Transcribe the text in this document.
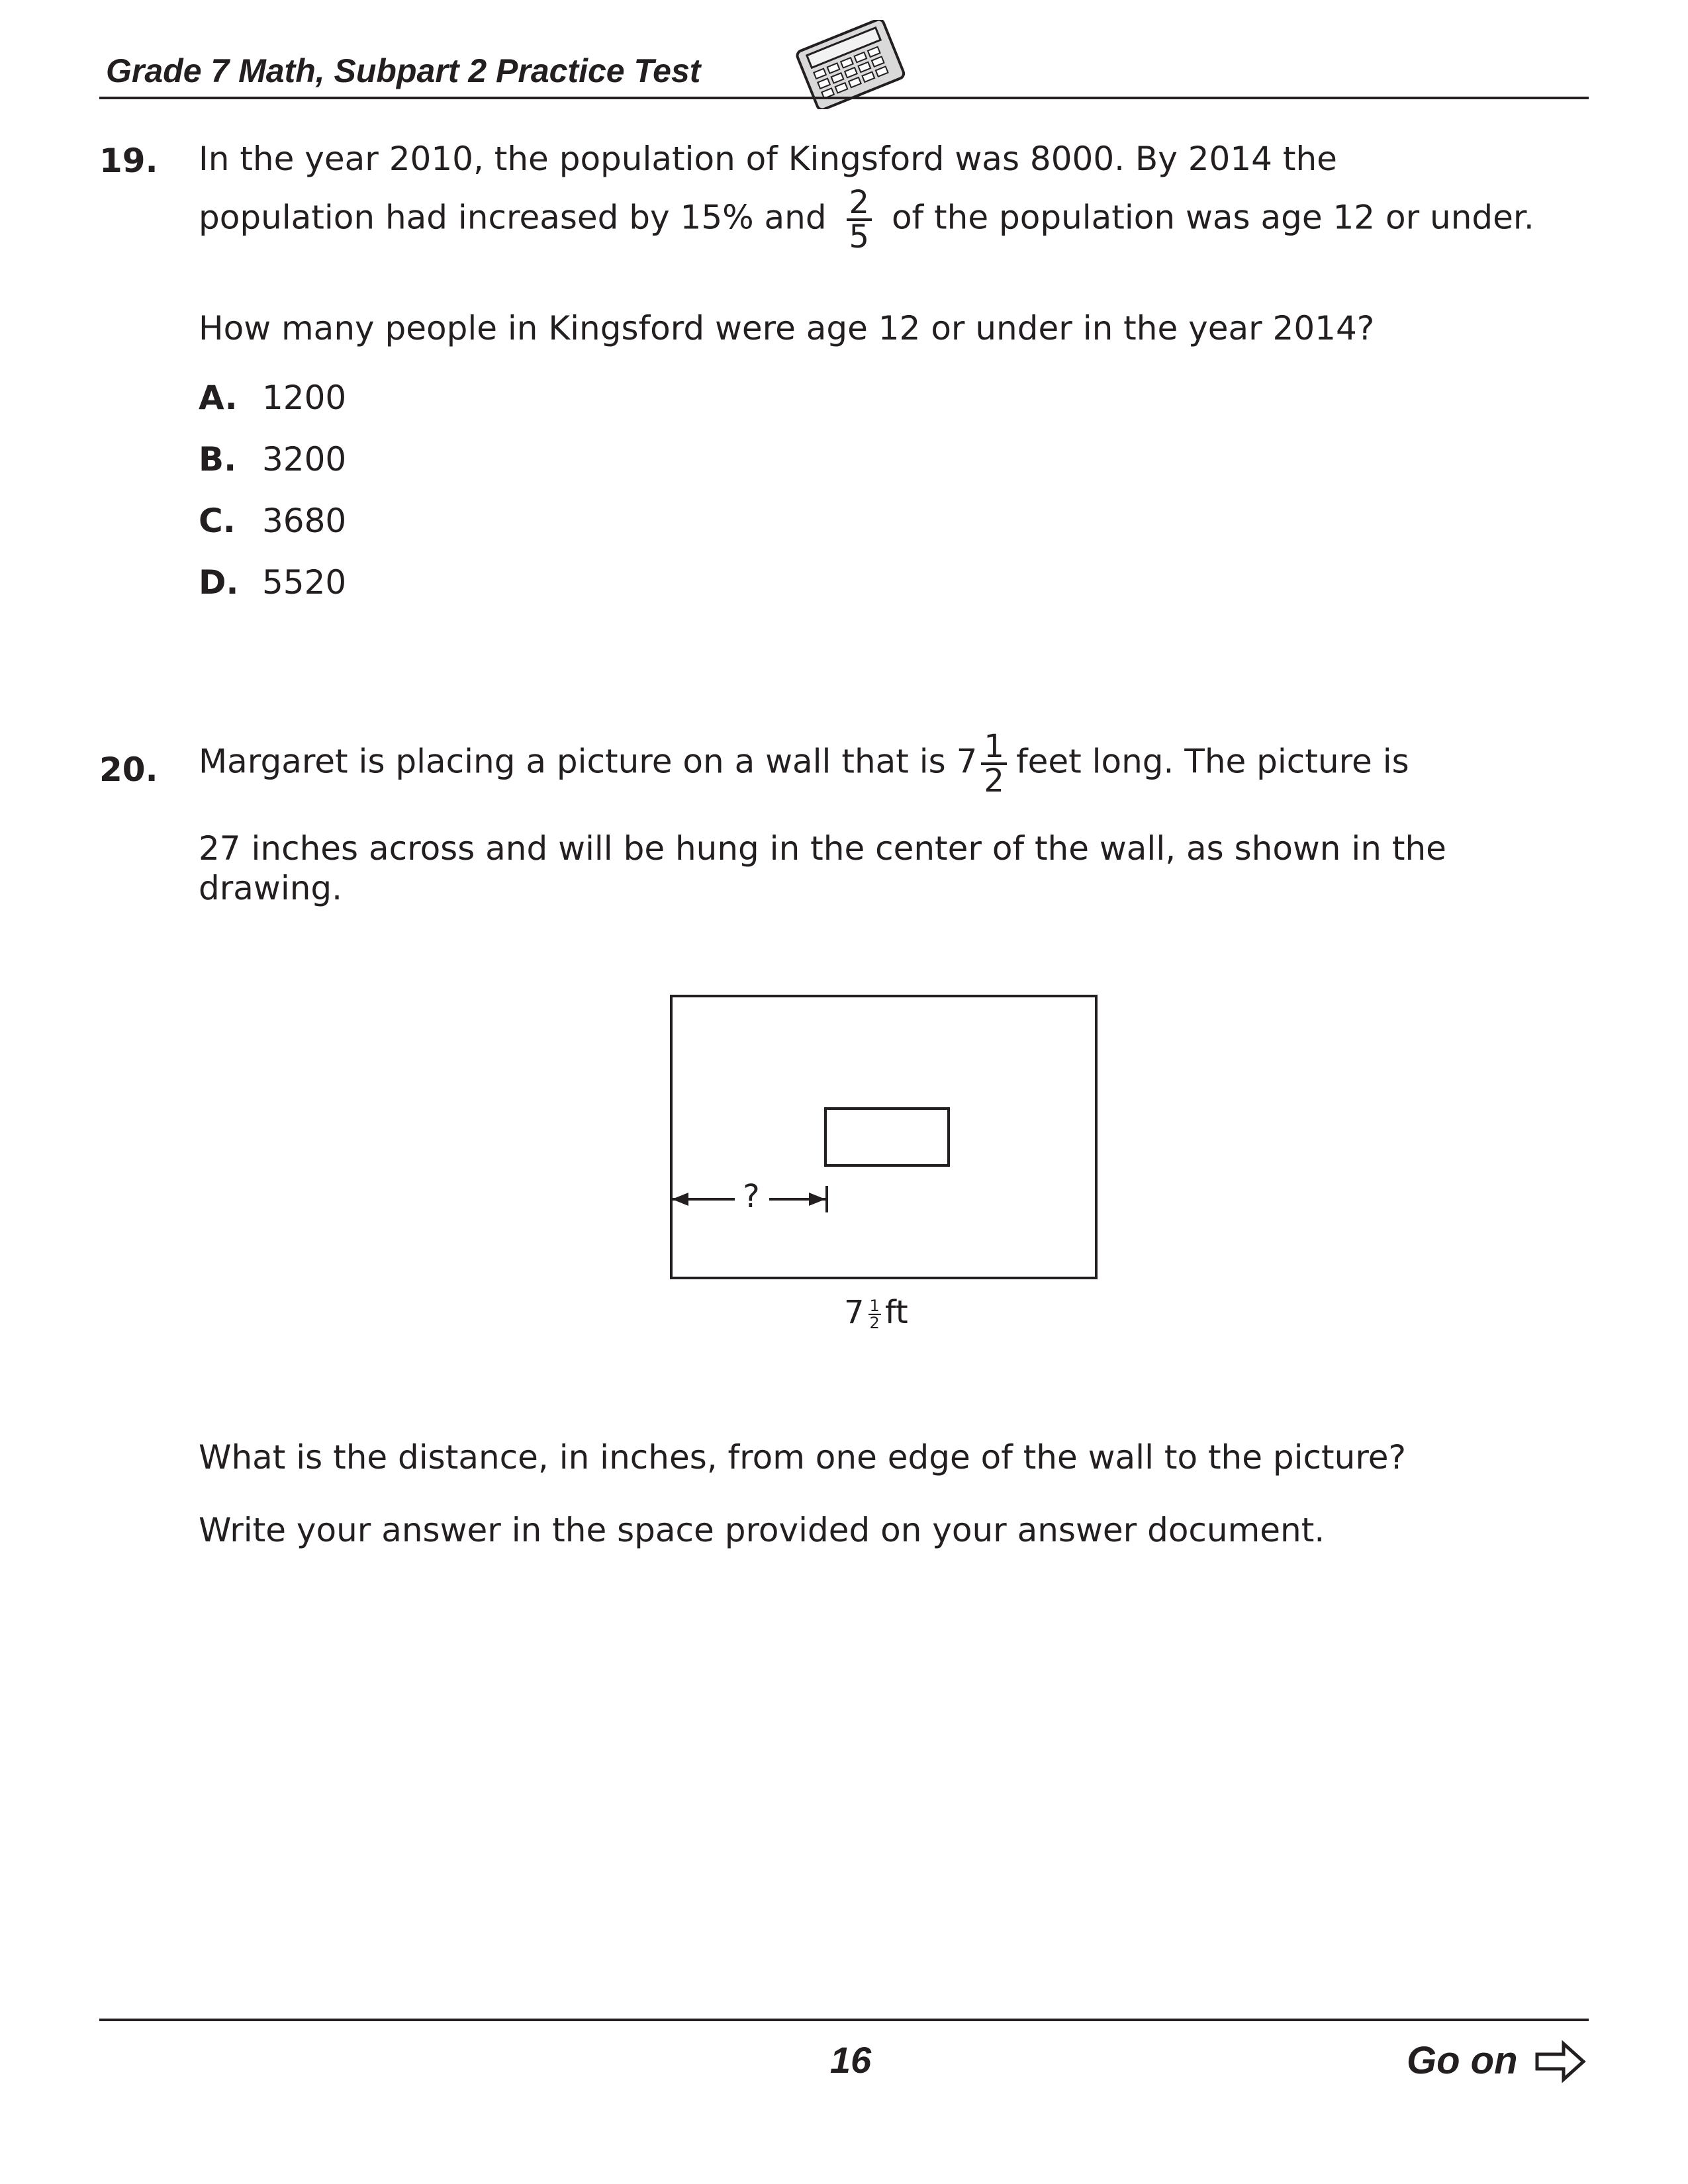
Grade 7 Math, Subpart 2 Practice Test
19. In the year 2010, the population of Kingsford was 8000. By 2014 the
population had increased by 15% and $\frac{2}{5}$ of the population was age 12 or under.
How many people in Kingsford were age 12 or under in the year 2014?
A. 1200
B. 3200
C. 3680
D. 5520
20. Margaret is placing a picture on a wall that is $7 \frac{1}{2}$ feet long. The picture is
27 inches across and will be hung in the center of the wall, as shown in the
drawing.
?
$7 \frac{1}{2}$ ft
What is the distance, in inches, from one edge of the wall to the picture?
Write your answer in the space provided on your answer document.
16	Go on
